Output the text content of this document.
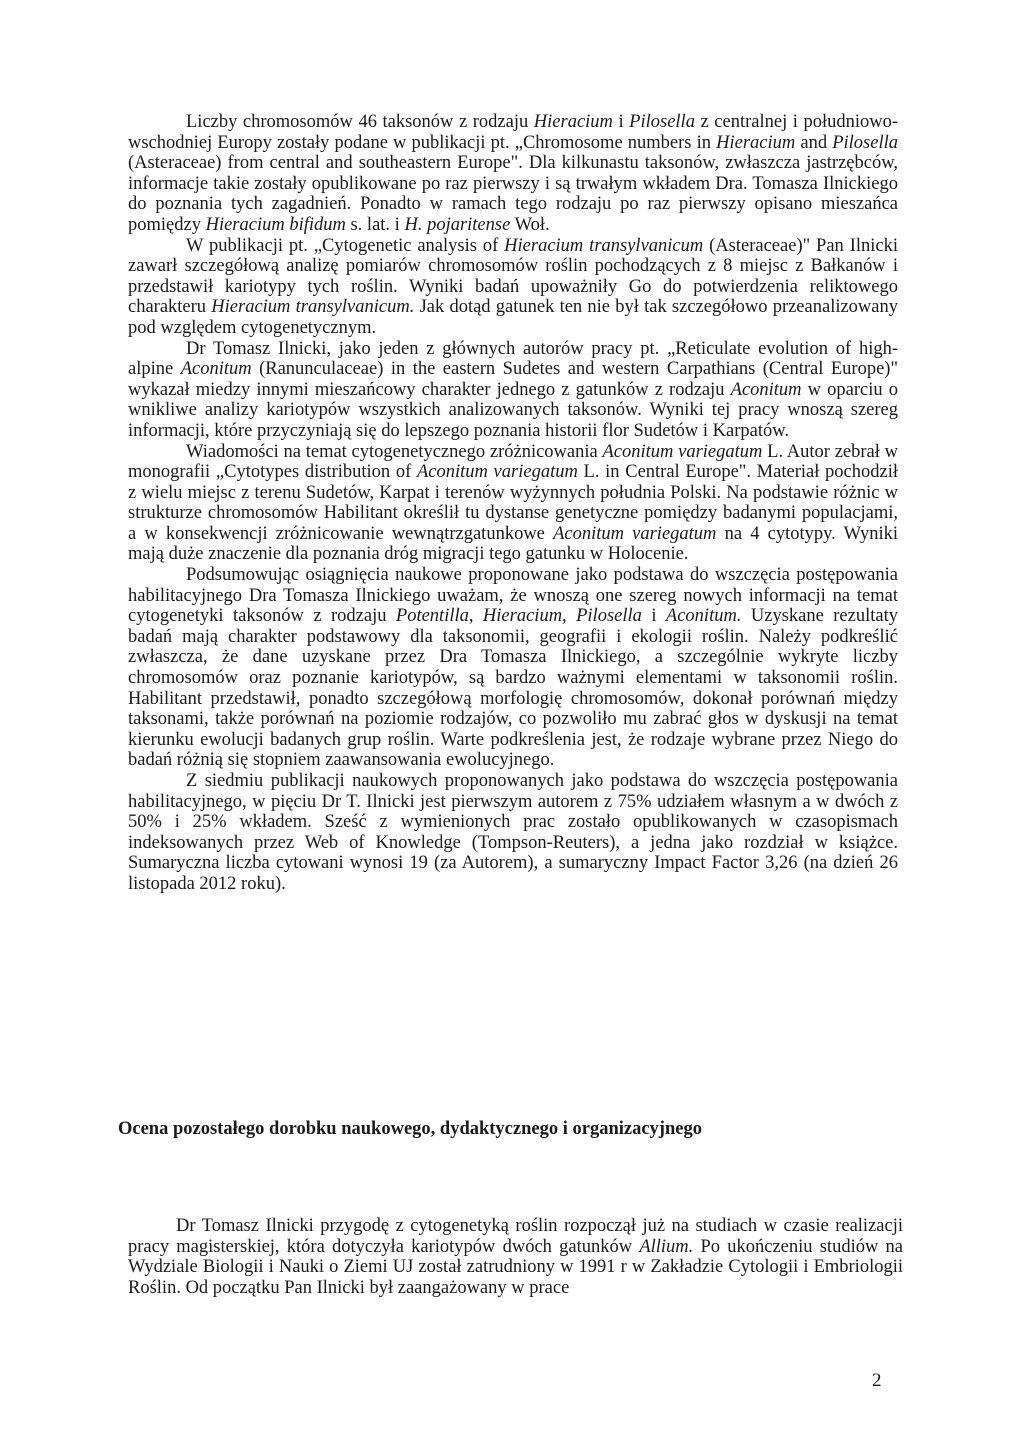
Liczby chromosomów 46 taksonów z rodzaju Hieracium i Pilosella z centralnej i południowo-wschodniej Europy zostały podane w publikacji pt. „Chromosome numbers in Hieracium and Pilosella (Asteraceae) from central and southeastern Europe". Dla kilkunastu taksonów, zwłaszcza jastrzębców, informacje takie zostały opublikowane po raz pierwszy i są trwałym wkładem Dra. Tomasza Ilnickiego do poznania tych zagadnień. Ponadto w ramach tego rodzaju po raz pierwszy opisano mieszańca pomiędzy Hieracium bifidum s. lat. i H. pojaritense Woł.

W publikacji pt. „Cytogenetic analysis of Hieracium transylvanicum (Asteraceae)" Pan Ilnicki zawarł szczegółową analizę pomiarów chromosomów roślin pochodzących z 8 miejsc z Bałkanów i przedstawił kariotypy tych roślin. Wyniki badań upoważniły Go do potwierdzenia reliktowego charakteru Hieracium transylvanicum. Jak dotąd gatunek ten nie był tak szczegółowo przeanalizowany pod względem cytogenetycznym.

Dr Tomasz Ilnicki, jako jeden z głównych autorów pracy pt. „Reticulate evolution of high-alpine Aconitum (Ranunculaceae) in the eastern Sudetes and western Carpathians (Central Europe)" wykazał miedzy innymi mieszańcowy charakter jednego z gatunków z rodzaju Aconitum w oparciu o wnikliwe analizy kariotypów wszystkich analizowanych taksonów. Wyniki tej pracy wnoszą szereg informacji, które przyczyniają się do lepszego poznania historii flor Sudetów i Karpatów.

Wiadomości na temat cytogenetycznego zróżnicowania Aconitum variegatum L. Autor zebrał w monografii „Cytotypes distribution of Aconitum variegatum L. in Central Europe". Materiał pochodził z wielu miejsc z terenu Sudetów, Karpat i terenów wyżynnych południa Polski. Na podstawie różnic w strukturze chromosomów Habilitant określił tu dystanse genetyczne pomiędzy badanymi populacjami, a w konsekwencji zróżnicowanie wewnątrzgatunkowe Aconitum variegatum na 4 cytotypy. Wyniki mają duże znaczenie dla poznania dróg migracji tego gatunku w Holocenie.

Podsumowując osiągnięcia naukowe proponowane jako podstawa do wszczęcia postępowania habilitacyjnego Dra Tomasza Ilnickiego uważam, że wnoszą one szereg nowych informacji na temat cytogenetyki taksonów z rodzaju Potentilla, Hieracium, Pilosella i Aconitum. Uzyskane rezultaty badań mają charakter podstawowy dla taksonomii, geografii i ekologii roślin. Należy podkreślić zwłaszcza, że dane uzyskane przez Dra Tomasza Ilnickiego, a szczególnie wykryte liczby chromosomów oraz poznanie kariotypów, są bardzo ważnymi elementami w taksonomii roślin. Habilitant przedstawił, ponadto szczegółową morfologię chromosomów, dokonał porównań między taksonami, także porównań na poziomie rodzajów, co pozwoliło mu zabrać głos w dyskusji na temat kierunku ewolucji badanych grup roślin. Warte podkreślenia jest, że rodzaje wybrane przez Niego do badań różnią się stopniem zaawansowania ewolucyjnego.

Z siedmiu publikacji naukowych proponowanych jako podstawa do wszczęcia postępowania habilitacyjnego, w pięciu Dr T. Ilnicki jest pierwszym autorem z 75% udziałem własnym a w dwóch z 50% i 25% wkładem. Sześć z wymienionych prac zostało opublikowanych w czasopismach indeksowanych przez Web of Knowledge (Tompson-Reuters), a jedna jako rozdział w książce. Sumaryczna liczba cytowani wynosi 19 (za Autorem), a sumaryczny Impact Factor 3,26 (na dzień 26 listopada 2012 roku).

Ocena pozostałego dorobku naukowego, dydaktycznego i organizacyjnego

Dr Tomasz Ilnicki przygodę z cytogenetyką roślin rozpoczął już na studiach w czasie realizacji pracy magisterskiej, która dotyczyła kariotypów dwóch gatunków Allium. Po ukończeniu studiów na Wydziale Biologii i Nauki o Ziemi UJ został zatrudniony w 1991 r w Zakładzie Cytologii i Embriologii Roślin. Od początku Pan Ilnicki był zaangażowany w prace

2
